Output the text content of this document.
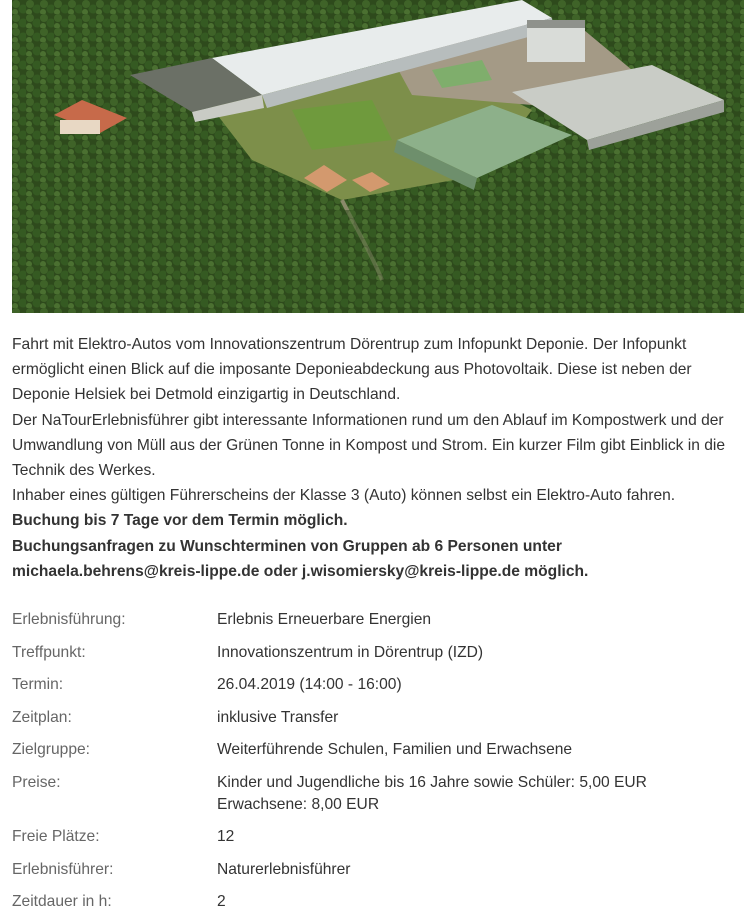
Fahrt mit Elektro-Autos vom Innovationszentrum Dörentrup zum Infopunkt Deponie. Der Infopunkt ermöglicht einen Blick auf die imposante Deponieabdeckung aus Photovoltaik. Diese ist neben der Deponie Helsiek bei Detmold einzigartig in Deutschland.

Der NaTourErlebnisführer gibt interessante Informationen rund um den Ablauf im Kompostwerk und der Umwandlung von Müll aus der Grünen Tonne in Kompost und Strom. Ein kurzer Film gibt Einblick in die Technik des Werkes.

Inhaber eines gültigen Führerscheins der Klasse 3 (Auto) können selbst ein Elektro-Auto fahren.

Buchung bis 7 Tage vor dem Termin möglich.

Buchungsanfragen zu Wunschterminen von Gruppen ab 6 Personen unter michaela.behrens@kreis-lippe.de oder j.wisomiersky@kreis-lippe.de möglich.

Erlebnisführung:	Erlebnis Erneuerbare Energien
Treffpunkt:	Innovationszentrum in Dörentrup (IZD)
Termin:	26.04.2019 (14:00 - 16:00)
Zeitplan:	inklusive Transfer
Zielgruppe:	Weiterführende Schulen, Familien und Erwachsene
Preise:	Kinder und Jugendliche bis 16 Jahre sowie Schüler: 5,00 EUR
Erwachsene: 8,00 EUR
Freie Plätze:	12
Erlebnisführer:	Naturerlebnisführer
Zeitdauer in h:	2
